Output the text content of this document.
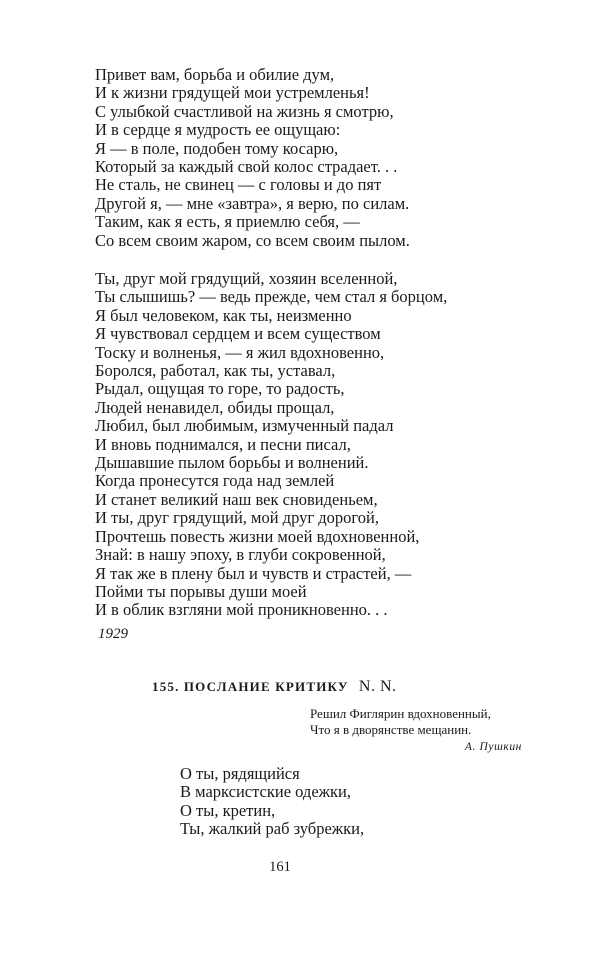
Привет вам, борьба и обилие дум,
И к жизни грядущей мои устремленья!
С улыбкой счастливой на жизнь я смотрю,
И в сердце я мудрость ее ощущаю:
Я — в поле, подобен тому косарю,
Который за каждый свой колос страдает. . .
Не сталь, не свинец — с головы и до пят
Другой я, — мне «завтра», я верю, по силам.
Таким, как я есть, я приемлю себя, —
Со всем своим жаром, со всем своим пылом.
Ты, друг мой грядущий, хозяин вселенной,
Ты слышишь? — ведь прежде, чем стал я борцом,
Я был человеком, как ты, неизменно
Я чувствовал сердцем и всем существом
Тоску и волненья, — я жил вдохновенно,
Боролся, работал, как ты, уставал,
Рыдал, ощущая то горе, то радость,
Людей ненавидел, обиды прощал,
Любил, был любимым, измученный падал
И вновь поднимался, и песни писал,
Дышавшие пылом борьбы и волнений.
Когда пронесутся года над землей
И станет великий наш век сновиденьем,
И ты, друг грядущий, мой друг дорогой,
Прочтешь повесть жизни моей вдохновенной,
Знай: в нашу эпоху, в глуби сокровенной,
Я так же в плену был и чувств и страстей, —
Пойми ты порывы души моей
И в облик взгляни мой проникновенно. . .
1929
155. ПОСЛАНИЕ КРИТИКУ N. N.
Решил Фиглярин вдохновенный,
Что я в дворянстве мещанин.
А. Пушкин
О ты, рядящийся
В марксистские одежки,
О ты, кретин,
Ты, жалкий раб зубрежки,
161
